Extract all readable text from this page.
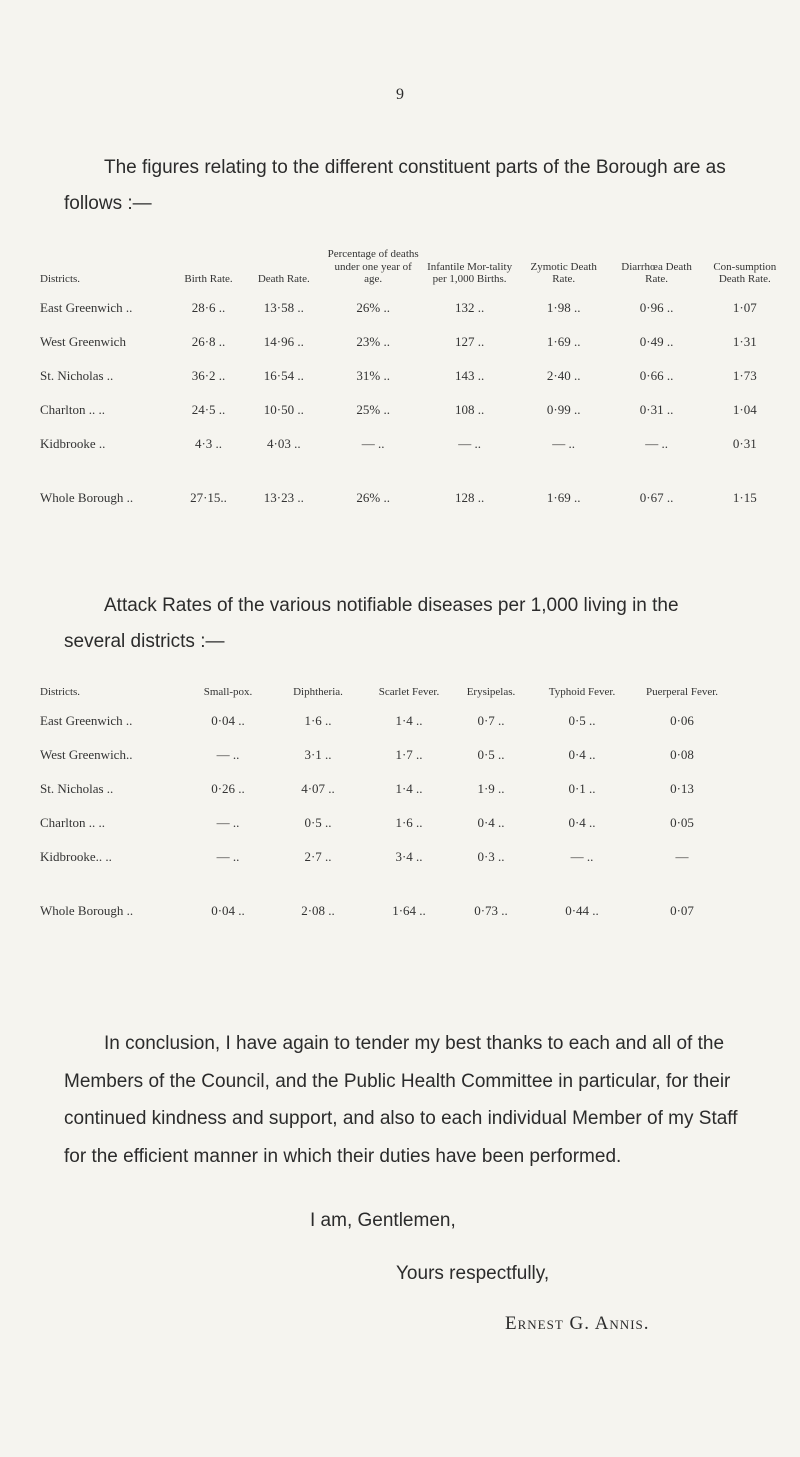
9

The figures relating to the different constituent parts of the Borough are as follows :—

Districts.	Birth Rate.	Death Rate.	Percentage of deaths under one year of age.	Infantile Mor-tality per 1,000 Births.	Zymotic Death Rate.	Diarrhœa Death Rate.	Con-sumption Death Rate.
East Greenwich ..	28·6 ..	13·58 ..	26% ..	132 ..	1·98 ..	0·96 ..	1·07
West Greenwich	26·8 ..	14·96 ..	23% ..	127 ..	1·69 ..	0·49 ..	1·31
St. Nicholas ..	36·2 ..	16·54 ..	31% ..	143 ..	2·40 ..	0·66 ..	1·73
Charlton .. ..	24·5 ..	10·50 ..	25% ..	108 ..	0·99 ..	0·31 ..	1·04
Kidbrooke ..	4·3 ..	4·03 ..	— ..	— ..	— ..	— ..	0·31
Whole Borough ..	27·15..	13·23 ..	26% ..	128 ..	1·69 ..	0·67 ..	1·15

Attack Rates of the various notifiable diseases per 1,000 living in the several districts :—

Districts.	Small-pox.	Diphtheria.	Scarlet Fever.	Erysipelas.	Typhoid Fever.	Puerperal Fever.
East Greenwich ..	0·04 ..	1·6 ..	1·4 ..	0·7 ..	0·5 ..	0·06
West Greenwich..	— ..	3·1 ..	1·7 ..	0·5 ..	0·4 ..	0·08
St. Nicholas ..	0·26 ..	4·07 ..	1·4 ..	1·9 ..	0·1 ..	0·13
Charlton .. ..	— ..	0·5 ..	1·6 ..	0·4 ..	0·4 ..	0·05
Kidbrooke.. ..	— ..	2·7 ..	3·4 ..	0·3 ..	— ..	—
Whole Borough ..	0·04 ..	2·08 ..	1·64 ..	0·73 ..	0·44 ..	0·07

In conclusion, I have again to tender my best thanks to each and all of the Members of the Council, and the Public Health Committee in particular, for their continued kindness and support, and also to each individual Member of my Staff for the efficient manner in which their duties have been performed.

I am, Gentlemen,
Yours respectfully,
Ernest G. Annis.
